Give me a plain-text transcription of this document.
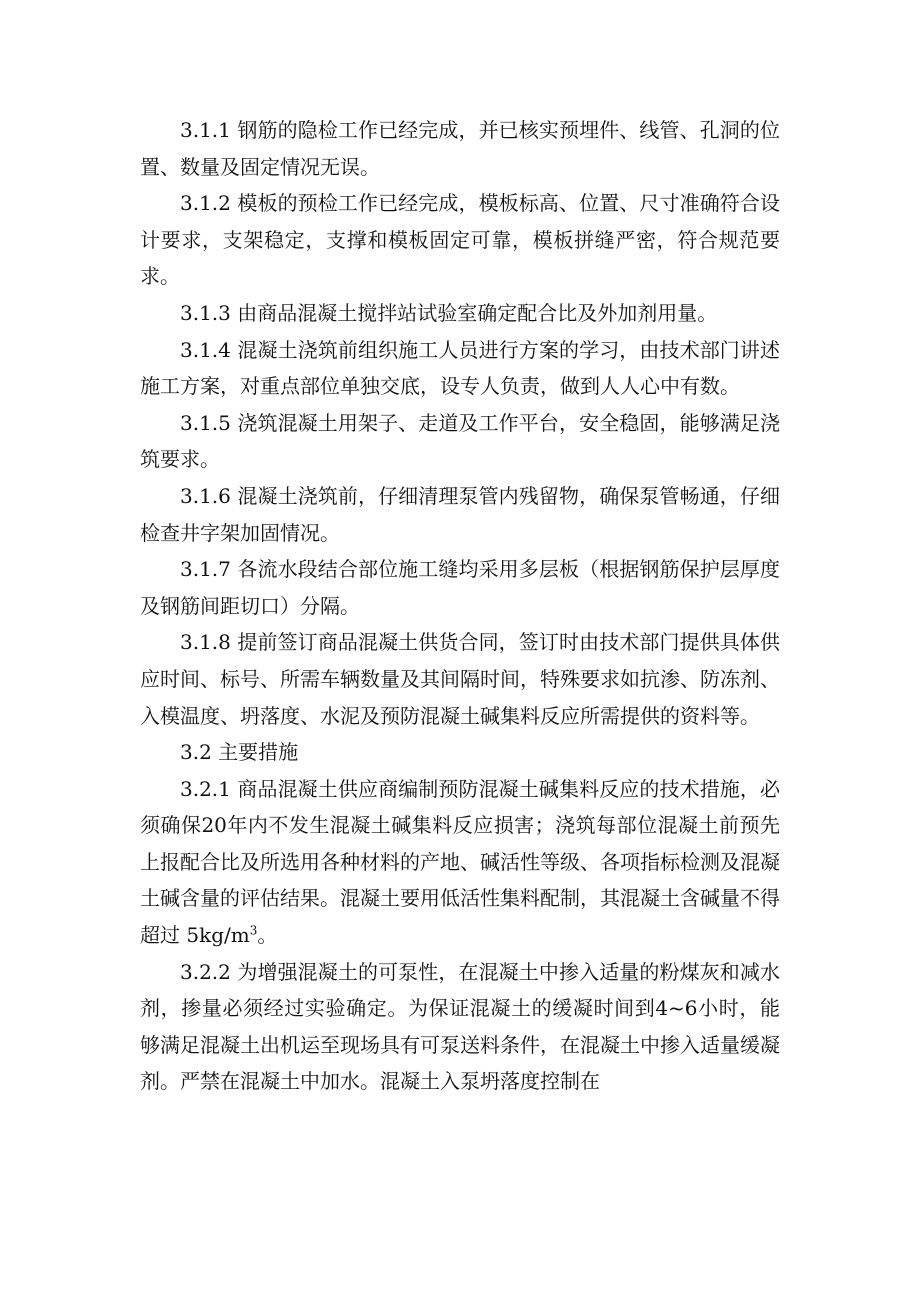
3.1.1 钢筋的隐检工作已经完成，并已核实预埋件、线管、孔洞的位置、数量及固定情况无误。

3.1.2 模板的预检工作已经完成，模板标高、位置、尺寸准确符合设计要求，支架稳定，支撑和模板固定可靠，模板拼缝严密，符合规范要求。

3.1.3 由商品混凝土搅拌站试验室确定配合比及外加剂用量。

3.1.4 混凝土浇筑前组织施工人员进行方案的学习，由技术部门讲述施工方案，对重点部位单独交底，设专人负责，做到人人心中有数。

3.1.5 浇筑混凝土用架子、走道及工作平台，安全稳固，能够满足浇筑要求。

3.1.6 混凝土浇筑前，仔细清理泵管内残留物，确保泵管畅通，仔细检查井字架加固情况。

3.1.7 各流水段结合部位施工缝均采用多层板（根据钢筋保护层厚度及钢筋间距切口）分隔。

3.1.8 提前签订商品混凝土供货合同，签订时由技术部门提供具体供应时间、标号、所需车辆数量及其间隔时间，特殊要求如抗渗、防冻剂、入模温度、坍落度、水泥及预防混凝土碱集料反应所需提供的资料等。

3.2 主要措施

3.2.1 商品混凝土供应商编制预防混凝土碱集料反应的技术措施，必须确保20年内不发生混凝土碱集料反应损害；浇筑每部位混凝土前预先上报配合比及所选用各种材料的产地、碱活性等级、各项指标检测及混凝土碱含量的评估结果。混凝土要用低活性集料配制，其混凝土含碱量不得超过 $5kg/m^3$。

3.2.2 为增强混凝土的可泵性，在混凝土中掺入适量的粉煤灰和减水剂，掺量必须经过实验确定。为保证混凝土的缓凝时间到4~6小时，能够满足混凝土出机运至现场具有可泵送料条件，在混凝土中掺入适量缓凝剂。严禁在混凝土中加水。混凝土入泵坍落度控制在
